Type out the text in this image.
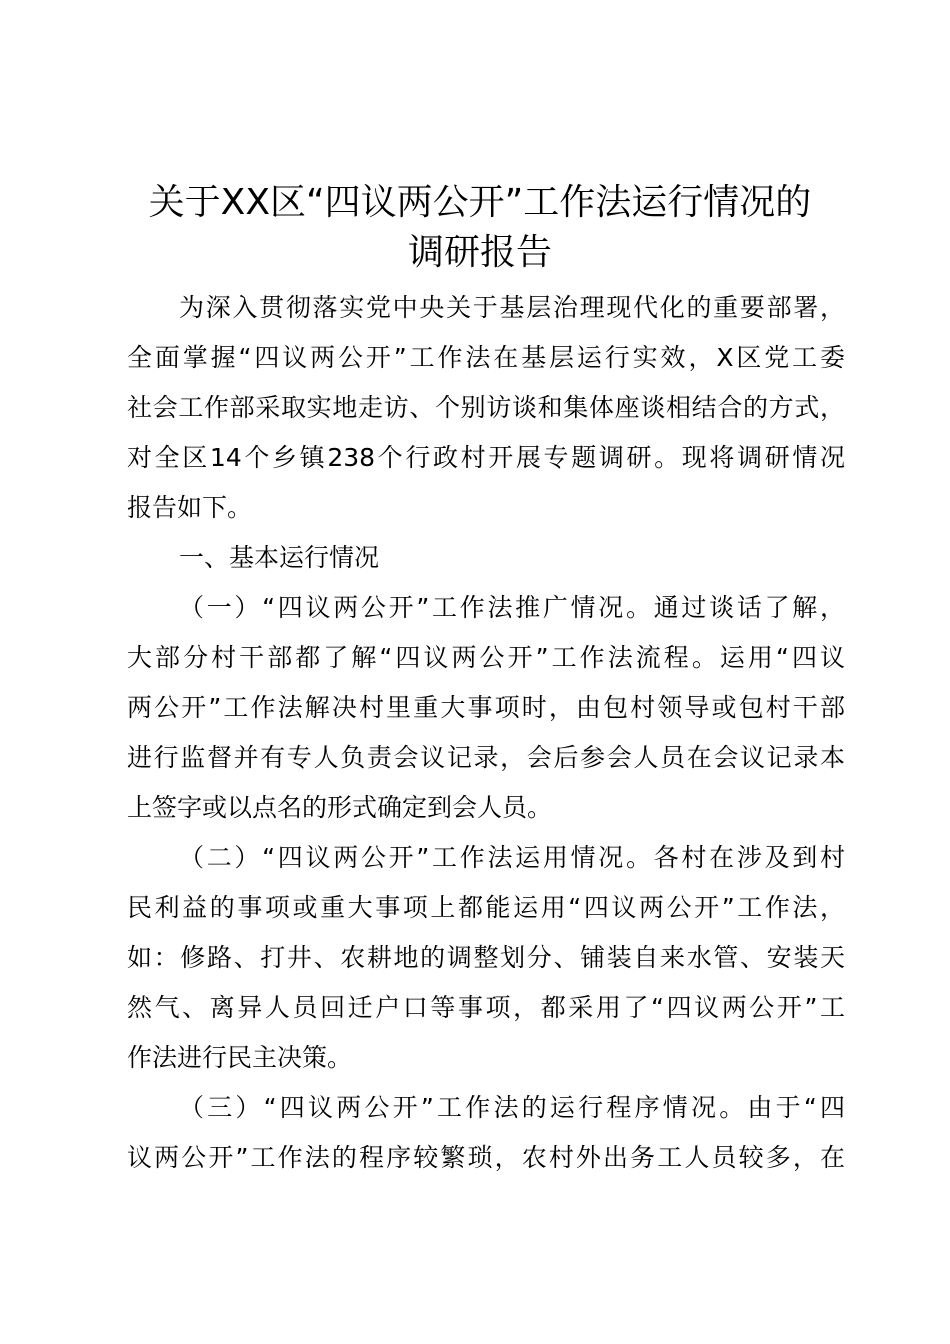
关于XX区“四议两公开”工作法运行情况的
调研报告
为深入贯彻落实党中央关于基层治理现代化的重要部署，
全面掌握“四议两公开”工作法在基层运行实效，X区党工委
社会工作部采取实地走访、个别访谈和集体座谈相结合的方式，
对全区14个乡镇238个行政村开展专题调研。现将调研情况
报告如下。
一、基本运行情况
（一）“四议两公开”工作法推广情况。通过谈话了解，
大部分村干部都了解“四议两公开”工作法流程。运用“四议
两公开”工作法解决村里重大事项时，由包村领导或包村干部
进行监督并有专人负责会议记录，会后参会人员在会议记录本
上签字或以点名的形式确定到会人员。
（二）“四议两公开”工作法运用情况。各村在涉及到村
民利益的事项或重大事项上都能运用“四议两公开”工作法，
如：修路、打井、农耕地的调整划分、铺装自来水管、安装天
然气、离异人员回迁户口等事项，都采用了“四议两公开”工
作法进行民主决策。
（三）“四议两公开”工作法的运行程序情况。由于“四
议两公开”工作法的程序较繁琐，农村外出务工人员较多，在
